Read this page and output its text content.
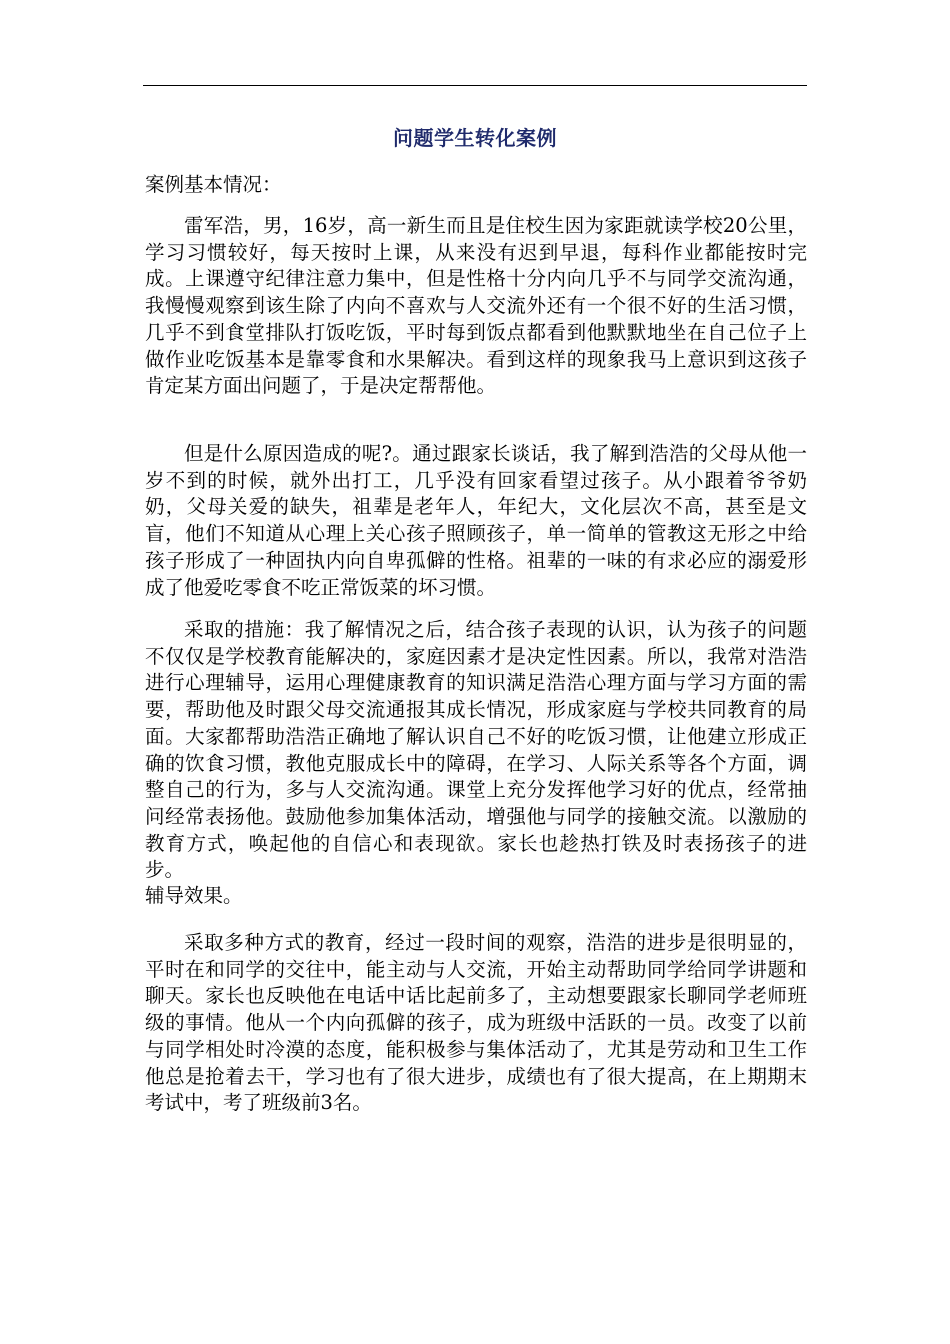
问题学生转化案例

案例基本情况：

雷军浩，男，16岁，高一新生而且是住校生因为家距就读学校20公里，学习习惯较好，每天按时上课，从来没有迟到早退，每科作业都能按时完成。上课遵守纪律注意力集中，但是性格十分内向几乎不与同学交流沟通，我慢慢观察到该生除了内向不喜欢与人交流外还有一个很不好的生活习惯，几乎不到食堂排队打饭吃饭，平时每到饭点都看到他默默地坐在自己位子上做作业吃饭基本是靠零食和水果解决。看到这样的现象我马上意识到这孩子肯定某方面出问题了，于是决定帮帮他。

但是什么原因造成的呢?。通过跟家长谈话，我了解到浩浩的父母从他一岁不到的时候，就外出打工，几乎没有回家看望过孩子。从小跟着爷爷奶奶，父母关爱的缺失，祖辈是老年人，年纪大，文化层次不高，甚至是文盲，他们不知道从心理上关心孩子照顾孩子，单一简单的管教这无形之中给孩子形成了一种固执内向自卑孤僻的性格。祖辈的一味的有求必应的溺爱形成了他爱吃零食不吃正常饭菜的坏习惯。

采取的措施：我了解情况之后，结合孩子表现的认识，认为孩子的问题不仅仅是学校教育能解决的，家庭因素才是决定性因素。所以，我常对浩浩进行心理辅导，运用心理健康教育的知识满足浩浩心理方面与学习方面的需要，帮助他及时跟父母交流通报其成长情况，形成家庭与学校共同教育的局面。大家都帮助浩浩正确地了解认识自己不好的吃饭习惯，让他建立形成正确的饮食习惯，教他克服成长中的障碍，在学习、人际关系等各个方面，调整自己的行为，多与人交流沟通。课堂上充分发挥他学习好的优点，经常抽问经常表扬他。鼓励他参加集体活动，增强他与同学的接触交流。以激励的教育方式，唤起他的自信心和表现欲。家长也趁热打铁及时表扬孩子的进步。

辅导效果。

采取多种方式的教育，经过一段时间的观察，浩浩的进步是很明显的，平时在和同学的交往中，能主动与人交流，开始主动帮助同学给同学讲题和聊天。家长也反映他在电话中话比起前多了，主动想要跟家长聊同学老师班级的事情。他从一个内向孤僻的孩子，成为班级中活跃的一员。改变了以前与同学相处时冷漠的态度，能积极参与集体活动了，尤其是劳动和卫生工作他总是抢着去干，学习也有了很大进步，成绩也有了很大提高，在上期期末考试中，考了班级前3名。
